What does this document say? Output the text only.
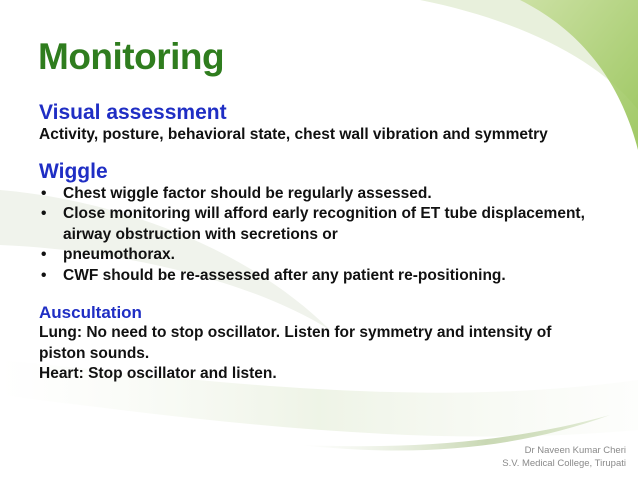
Monitoring
Visual assessment
Activity, posture, behavioral state, chest wall vibration and symmetry
Wiggle
• Chest wiggle factor should be regularly assessed.
• Close monitoring will afford early recognition of ET tube displacement, airway obstruction with secretions or
• pneumothorax.
• CWF should be re-assessed after any patient re-positioning.
Auscultation
Lung: No need to stop oscillator. Listen for symmetry and intensity of piston sounds.
Heart: Stop oscillator and listen.
Dr Naveen Kumar Cheri
S.V. Medical College, Tirupati
